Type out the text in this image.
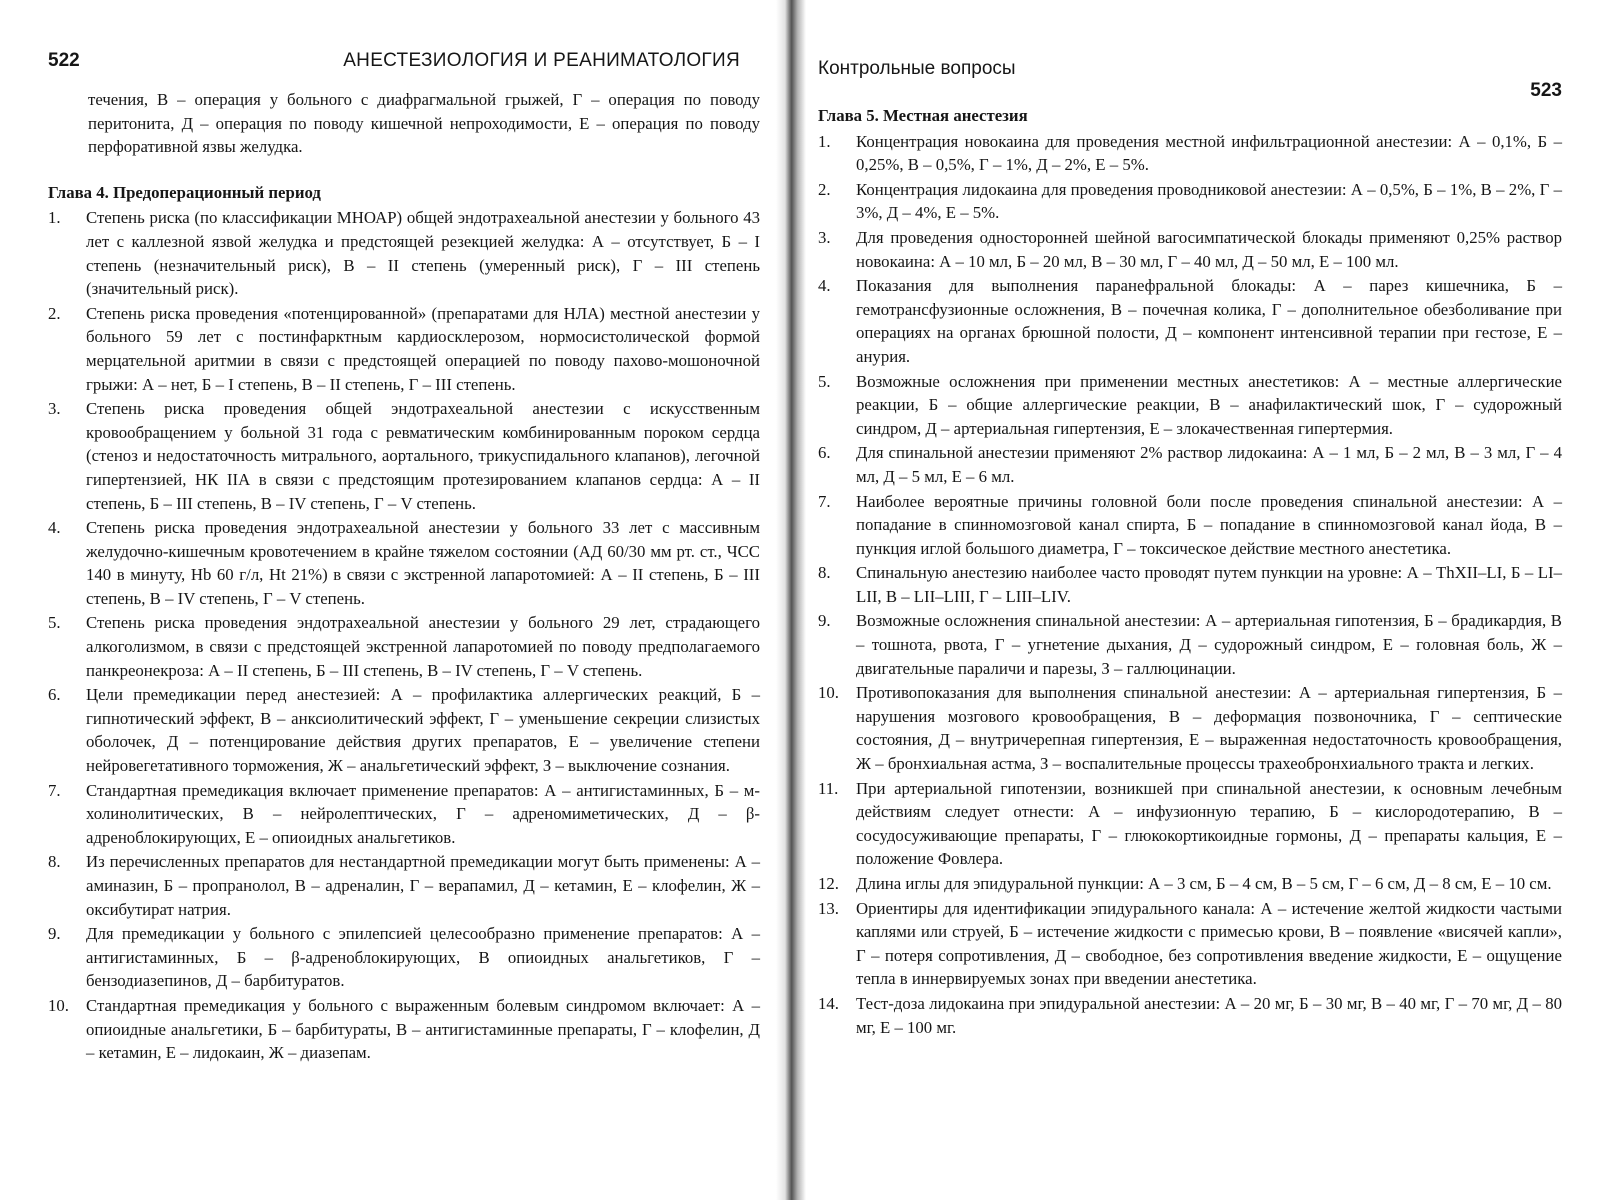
522	АНЕСТЕЗИОЛОГИЯ И РЕАНИМАТОЛОГИЯ
течения, В – операция у больного с диафрагмальной грыжей, Г – операция по поводу перитонита, Д – операция по поводу кишечной непроходимости, Е – операция по поводу перфоративной язвы желудка.
Глава 4. Предоперационный период
1.	Степень риска (по классификации МНОАР) общей эндотрахеальной анестезии у больного 43 лет с каллезной язвой желудка и предстоящей резекцией желудка: А – отсутствует, Б – I степень (незначительный риск), В – II степень (умеренный риск), Г – III степень (значительный риск).
2.	Степень риска проведения «потенцированной» (препаратами для НЛА) местной анестезии у больного 59 лет с постинфарктным кардиосклерозом, нормосистолической формой мерцательной аритмии в связи с предстоящей операцией по поводу пахово-мошоночной грыжи: А – нет, Б – I степень, В – II степень, Г – III степень.
3.	Степень риска проведения общей эндотрахеальной анестезии с искусственным кровообращением у больной 31 года с ревматическим комбинированным пороком сердца (стеноз и недостаточность митрального, аортального, трикуспидального клапанов), легочной гипертензией, НК IIА в связи с предстоящим протезированием клапанов сердца: А – II степень, Б – III степень, В – IV степень, Г – V степень.
4.	Степень риска проведения эндотрахеальной анестезии у больного 33 лет с массивным желудочно-кишечным кровотечением в крайне тяжелом состоянии (АД 60/30 мм рт. ст., ЧСС 140 в минуту, Hb 60 г/л, Ht 21%) в связи с экстренной лапаротомией: А – II степень, Б – III степень, В – IV степень, Г – V степень.
5.	Степень риска проведения эндотрахеальной анестезии у больного 29 лет, страдающего алкоголизмом, в связи с предстоящей экстренной лапаротомией по поводу предполагаемого панкреонекроза: А – II степень, Б – III степень, В – IV степень, Г – V степень.
6.	Цели премедикации перед анестезией: А – профилактика аллергических реакций, Б – гипнотический эффект, В – анксиолитический эффект, Г – уменьшение секреции слизистых оболочек, Д – потенцирование действия других препаратов, Е – увеличение степени нейровегетативного торможения, Ж – анальгетический эффект, З – выключение сознания.
7.	Стандартная премедикация включает применение препаратов: А – антигистаминных, Б – м-холинолитических, В – нейролептических, Г – адреномиметических, Д – β-адреноблокирующих, Е – опиоидных анальгетиков.
8.	Из перечисленных препаратов для нестандартной премедикации могут быть применены: А – аминазин, Б – пропранолол, В – адреналин, Г – верапамил, Д – кетамин, Е – клофелин, Ж – оксибутират натрия.
9.	Для премедикации у больного с эпилепсией целесообразно применение препаратов: А – антигистаминных, Б – β-адреноблокирующих, В опиоидных анальгетиков, Г – бензодиазепинов, Д – барбитуратов.
10.	Стандартная премедикация у больного с выраженным болевым синдромом включает: А – опиоидные анальгетики, Б – барбитураты, В – антигистаминные препараты, Г – клофелин, Д – кетамин, Е – лидокаин, Ж – диазепам.
Контрольные вопросы
523
Глава 5. Местная анестезия
1.	Концентрация новокаина для проведения местной инфильтрационной анестезии: А – 0,1%, Б – 0,25%, В – 0,5%, Г – 1%, Д – 2%, Е – 5%.
2.	Концентрация лидокаина для проведения проводниковой анестезии: А – 0,5%, Б – 1%, В – 2%, Г – 3%, Д – 4%, Е – 5%.
3.	Для проведения односторонней шейной вагосимпатической блокады применяют 0,25% раствор новокаина: А – 10 мл, Б – 20 мл, В – 30 мл, Г – 40 мл, Д – 50 мл, Е – 100 мл.
4.	Показания для выполнения паранефральной блокады: А – парез кишечника, Б – гемотрансфузионные осложнения, В – почечная колика, Г – дополнительное обезболивание при операциях на органах брюшной полости, Д – компонент интенсивной терапии при гестозе, Е – анурия.
5.	Возможные осложнения при применении местных анестетиков: А – местные аллергические реакции, Б – общие аллергические реакции, В – анафилактический шок, Г – судорожный синдром, Д – артериальная гипертензия, Е – злокачественная гипертермия.
6.	Для спинальной анестезии применяют 2% раствор лидокаина: А – 1 мл, Б – 2 мл, В – 3 мл, Г – 4 мл, Д – 5 мл, Е – 6 мл.
7.	Наиболее вероятные причины головной боли после проведения спинальной анестезии: А – попадание в спинномозговой канал спирта, Б – попадание в спинномозговой канал йода, В – пункция иглой большого диаметра, Г – токсическое действие местного анестетика.
8.	Спинальную анестезию наиболее часто проводят путем пункции на уровне: А – ThXII–LI, Б – LI–LII, В – LII–LIII, Г – LIII–LIV.
9.	Возможные осложнения спинальной анестезии: А – артериальная гипотензия, Б – брадикардия, В – тошнота, рвота, Г – угнетение дыхания, Д – судорожный синдром, Е – головная боль, Ж – двигательные параличи и парезы, З – галлюцинации.
10.	Противопоказания для выполнения спинальной анестезии: А – артериальная гипертензия, Б – нарушения мозгового кровообращения, В – деформация позвоночника, Г – септические состояния, Д – внутричерепная гипертензия, Е – выраженная недостаточность кровообращения, Ж – бронхиальная астма, З – воспалительные процессы трахеобронхиального тракта и легких.
11.	При артериальной гипотензии, возникшей при спинальной анестезии, к основным лечебным действиям следует отнести: А – инфузионную терапию, Б – кислородотерапию, В – сосудосуживающие препараты, Г – глюкокортикоидные гормоны, Д – препараты кальция, Е – положение Фовлера.
12.	Длина иглы для эпидуральной пункции: А – 3 см, Б – 4 см, В – 5 см, Г – 6 см, Д – 8 см, Е – 10 см.
13.	Ориентиры для идентификации эпидурального канала: А – истечение желтой жидкости частыми каплями или струей, Б – истечение жидкости с примесью крови, В – появление «висячей капли», Г – потеря сопротивления, Д – свободное, без сопротивления введение жидкости, Е – ощущение тепла в иннервируемых зонах при введении анестетика.
14.	Тест-доза лидокаина при эпидуральной анестезии: А – 20 мг, Б – 30 мг, В – 40 мг, Г – 70 мг, Д – 80 мг, Е – 100 мг.
